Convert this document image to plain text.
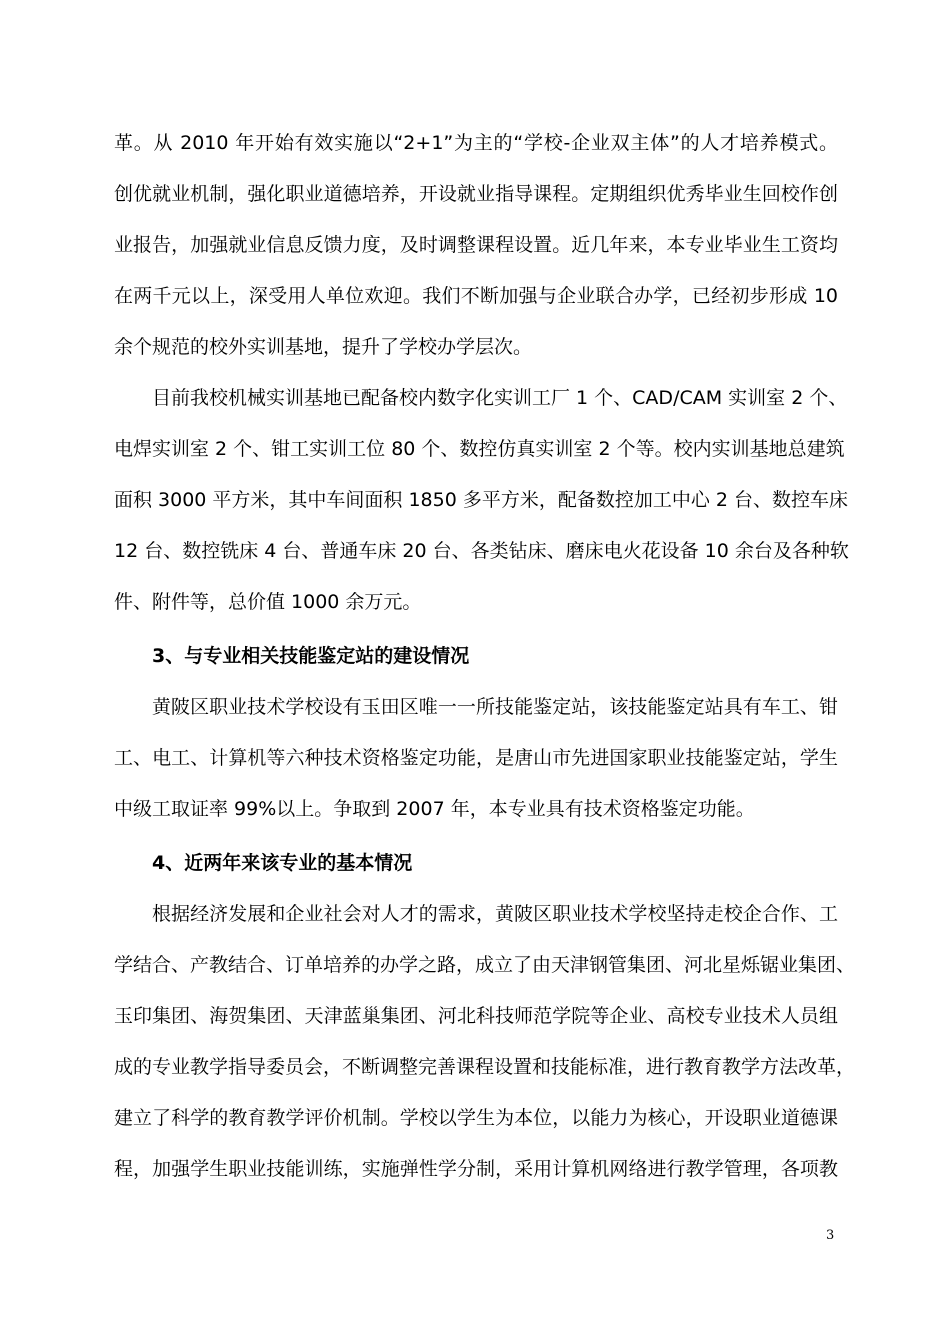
革。从 2010 年开始有效实施以“2+1”为主的“学校-企业双主体”的人才培养模式。
创优就业机制，强化职业道德培养，开设就业指导课程。定期组织优秀毕业生回校作创
业报告，加强就业信息反馈力度，及时调整课程设置。近几年来，本专业毕业生工资均
在两千元以上，深受用人单位欢迎。我们不断加强与企业联合办学，已经初步形成 10
余个规范的校外实训基地，提升了学校办学层次。
目前我校机械实训基地已配备校内数字化实训工厂 1 个、CAD/CAM 实训室 2 个、
电焊实训室 2 个、钳工实训工位 80 个、数控仿真实训室 2 个等。校内实训基地总建筑
面积 3000 平方米，其中车间面积 1850 多平方米，配备数控加工中心 2 台、数控车床
12 台、数控铣床 4 台、普通车床 20 台、各类钻床、磨床电火花设备 10 余台及各种软
件、附件等，总价值 1000 余万元。
3、与专业相关技能鉴定站的建设情况
黄陂区职业技术学校设有玉田区唯一一所技能鉴定站，该技能鉴定站具有车工、钳
工、电工、计算机等六种技术资格鉴定功能，是唐山市先进国家职业技能鉴定站，学生
中级工取证率 99%以上。争取到 2007 年，本专业具有技术资格鉴定功能。
4、近两年来该专业的基本情况
根据经济发展和企业社会对人才的需求，黄陂区职业技术学校坚持走校企合作、工
学结合、产教结合、订单培养的办学之路，成立了由天津钢管集团、河北星烁锯业集团、
玉印集团、海贺集团、天津蓝巢集团、河北科技师范学院等企业、高校专业技术人员组
成的专业教学指导委员会，不断调整完善课程设置和技能标准，进行教育教学方法改革，
建立了科学的教育教学评价机制。学校以学生为本位，以能力为核心，开设职业道德课
程，加强学生职业技能训练，实施弹性学分制，采用计算机网络进行教学管理，各项教
3
